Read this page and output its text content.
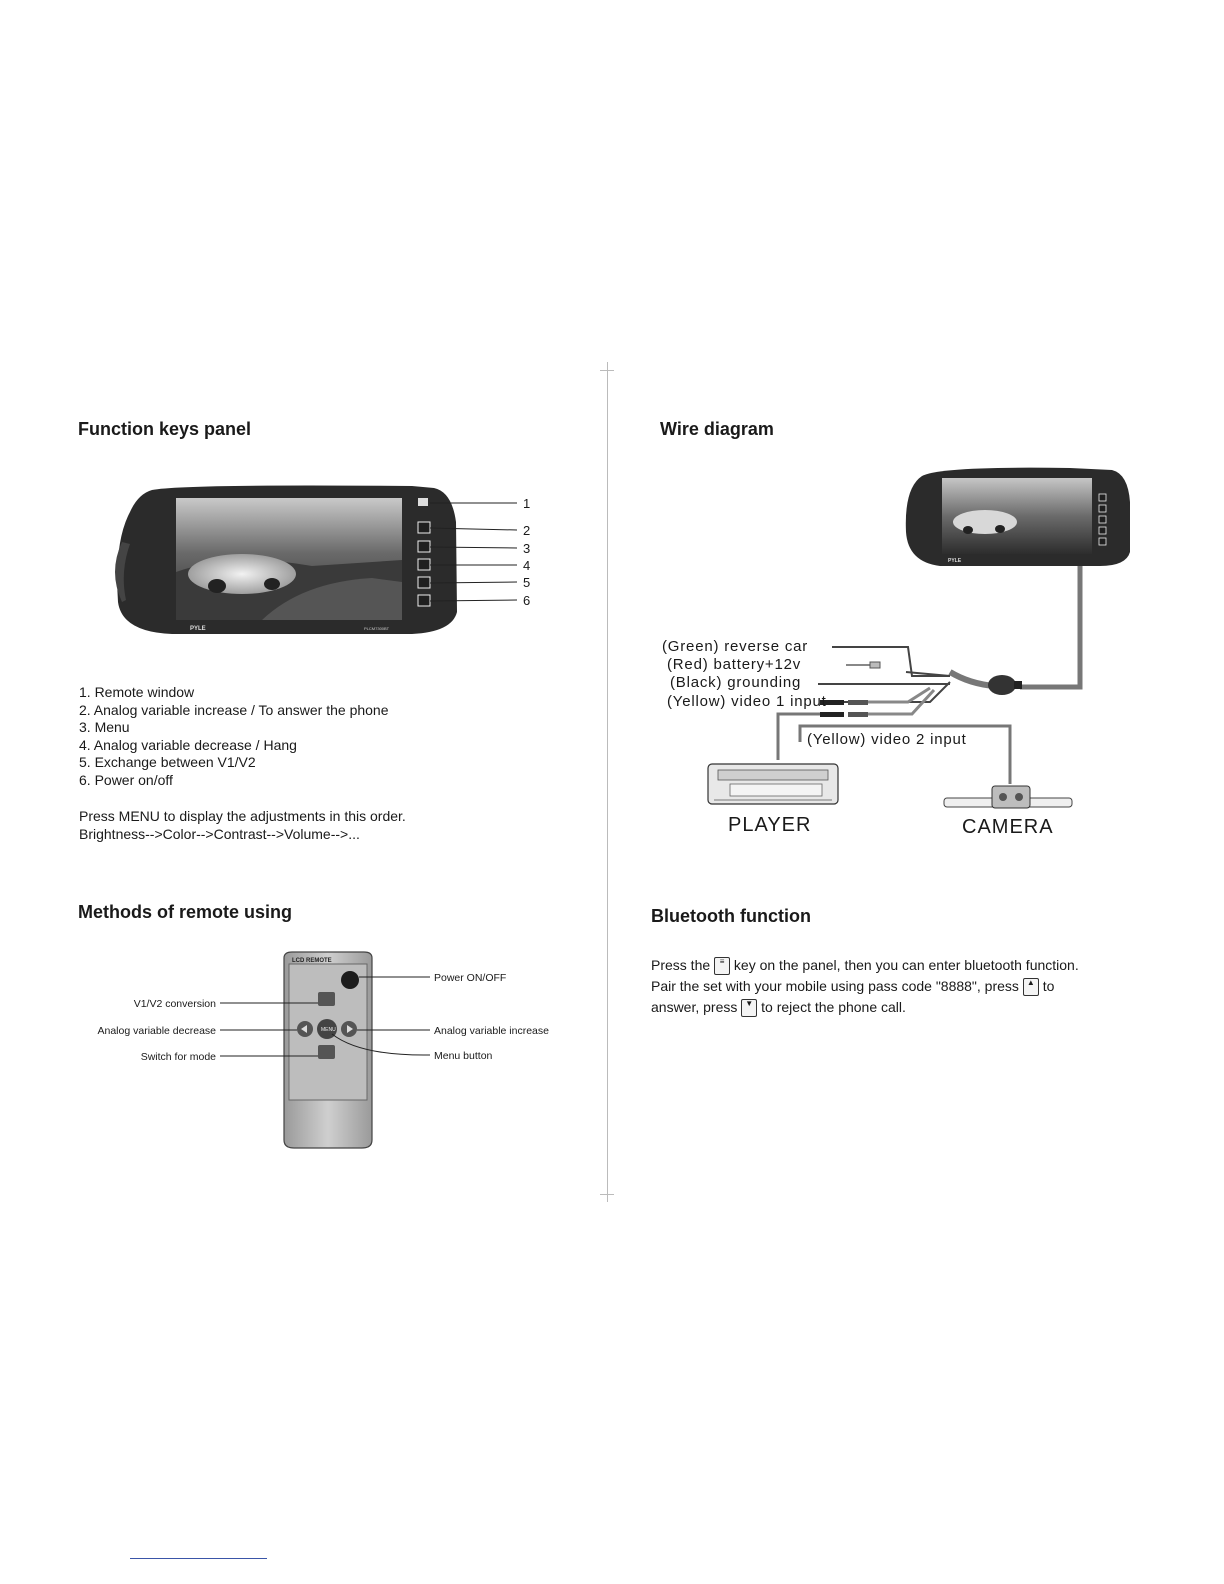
Function keys panel
PYLE	PLCM7300BT
1
2
3
4
5
6
1. Remote window
2. Analog variable increase / To answer the phone
3. Menu
4. Analog variable decrease / Hang
5. Exchange between V1/V2
6. Power on/off
Press MENU to display the adjustments in this order.
Brightness-->Color-->Contrast-->Volume-->...
Methods of remote using
LCD REMOTE
MENU
V1/V2 conversion
Analog variable decrease
Switch for mode
Power ON/OFF
Analog variable increase
Menu button
Wire diagram
PYLE
(Green) reverse car
(Red) battery+12v
(Black) grounding
(Yellow) video 1 input
(Yellow) video 2 input
PLAYER	CAMERA
Bluetooth function
Press the ≡ key on the panel, then you can enter bluetooth function.
Pair the set with your mobile using pass code "8888", press ▲ to
answer, press ▼ to reject the phone call.
